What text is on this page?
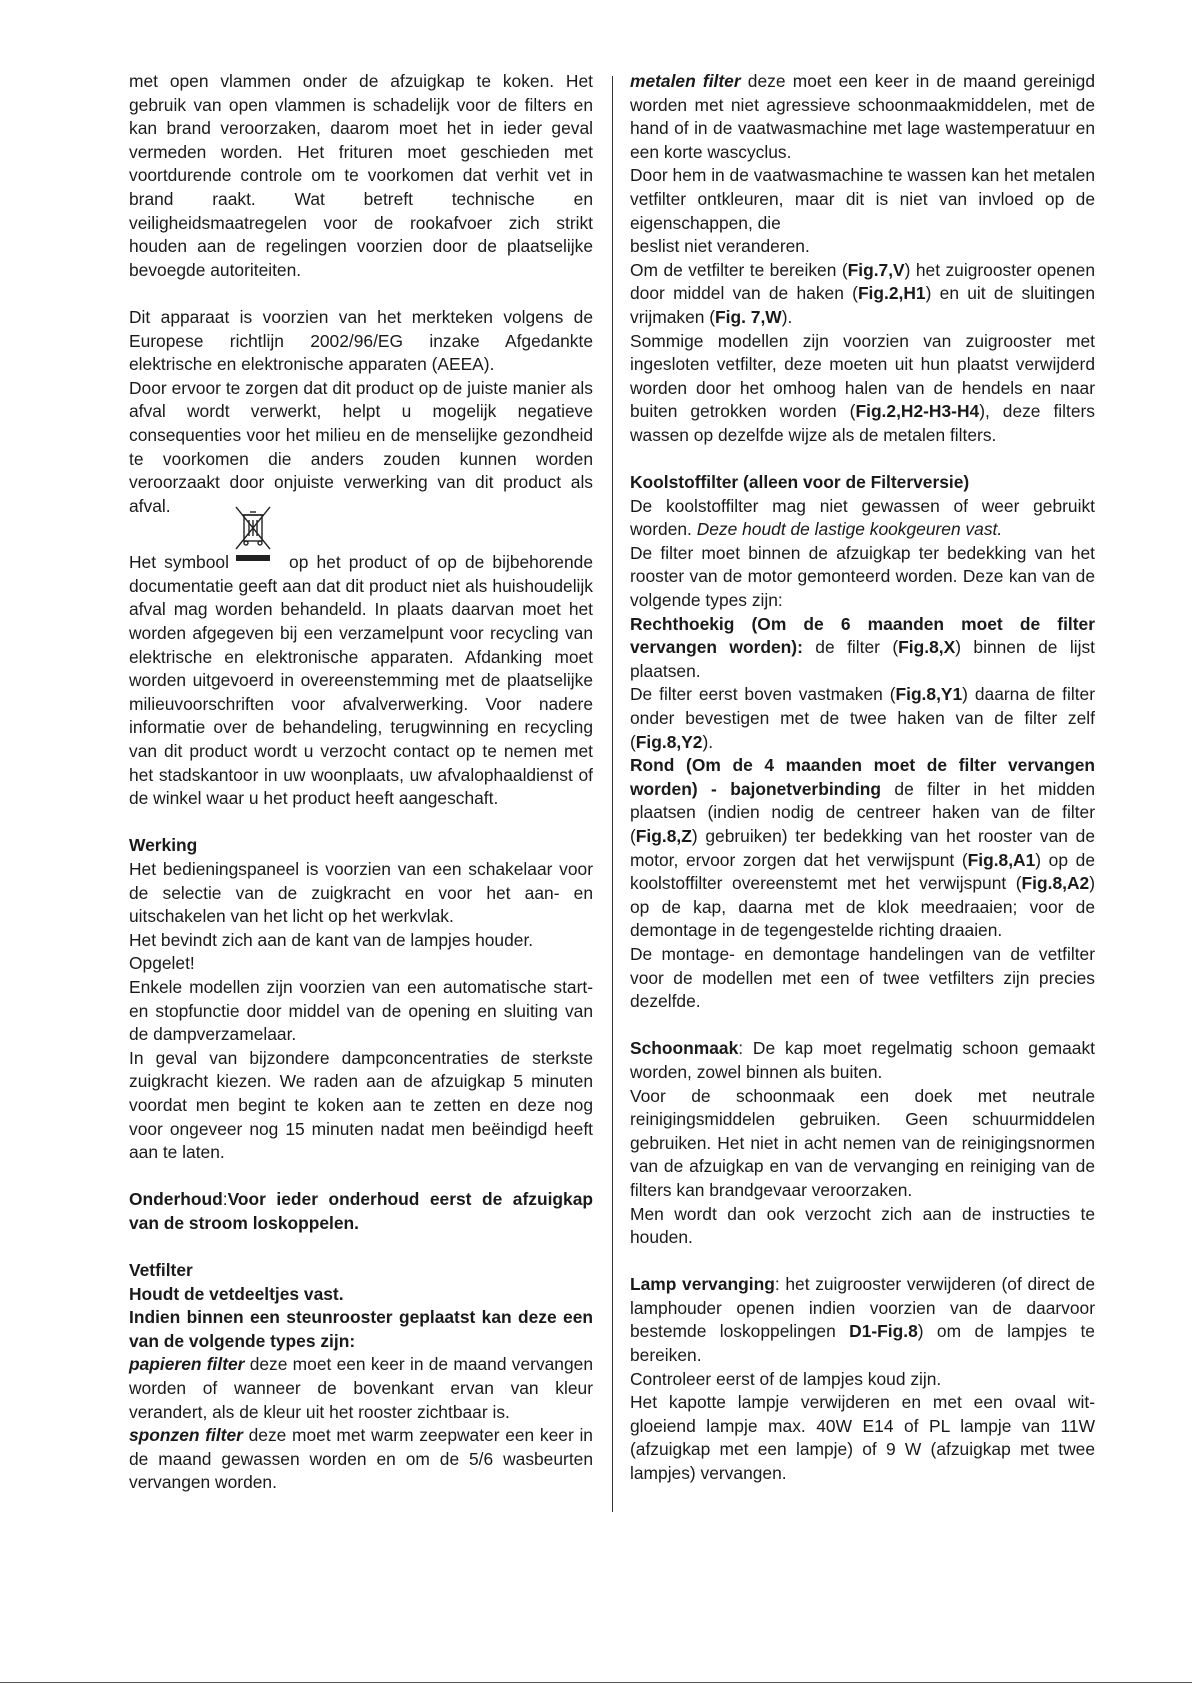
met open vlammen onder de afzuigkap te koken. Het gebruik van open vlammen is schadelijk voor de filters en kan brand veroorzaken, daarom moet het in ieder geval vermeden worden. Het frituren moet geschieden met voortdurende controle om te voorkomen dat verhit vet in brand raakt. Wat betreft technische en veiligheidsmaatregelen voor de rookafvoer zich strikt houden aan de regelingen voorzien door de plaatselijke bevoegde autoriteiten.

Dit apparaat is voorzien van het merkteken volgens de Europese richtlijn 2002/96/EG inzake Afgedankte elektrische en elektronische apparaten (AEEA).

Door ervoor te zorgen dat dit product op de juiste manier als afval wordt verwerkt, helpt u mogelijk negatieve consequenties voor het milieu en de menselijke gezondheid te voorkomen die anders zouden kunnen worden veroorzaakt door onjuiste verwerking van dit product als afval.

Het symbool	op het product of op de bijbehorende documentatie geeft aan dat dit product niet als huishoudelijk afval mag worden behandeld. In plaats daarvan moet het worden afgegeven bij een verzamelpunt voor recycling van elektrische en elektronische apparaten. Afdanking moet worden uitgevoerd in overeenstemming met de plaatselijke milieuvoorschriften voor afvalverwerking. Voor nadere informatie over de behandeling, terugwinning en recycling van dit product wordt u verzocht contact op te nemen met het stadskantoor in uw woonplaats, uw afvalophaaldienst of de winkel waar u het product heeft aangeschaft.

Werking

Het bedieningspaneel is voorzien van een schakelaar voor de selectie van de zuigkracht en voor het aan- en uitschakelen van het licht op het werkvlak.

Het bevindt zich aan de kant van de lampjes houder.

Opgelet!

Enkele modellen zijn voorzien van een automatische start- en stopfunctie door middel van de opening en sluiting van de dampverzamelaar.

In geval van bijzondere dampconcentraties de sterkste zuigkracht kiezen. We raden aan de afzuigkap 5 minuten voordat men begint te koken aan te zetten en deze nog voor ongeveer nog 15 minuten nadat men beëindigd heeft aan te laten.

Onderhoud:Voor ieder onderhoud eerst de afzuigkap van de stroom loskoppelen.

Vetfilter

Houdt de vetdeeltjes vast.

Indien binnen een steunrooster geplaatst kan deze een van de volgende types zijn:

papieren filter deze moet een keer in de maand vervangen worden of wanneer de bovenkant ervan van kleur verandert, als de kleur uit het rooster zichtbaar is.

sponzen filter deze moet met warm zeepwater een keer in de maand gewassen worden en om de 5/6 wasbeurten vervangen worden.

metalen filter deze moet een keer in de maand gereinigd worden met niet agressieve schoonmaakmiddelen, met de hand of in de vaatwasmachine met lage wastemperatuur en een korte wascyclus.

Door hem in de vaatwasmachine te wassen kan het metalen vetfilter ontkleuren, maar dit is niet van invloed op de eigenschappen, die

beslist niet veranderen.

Om de vetfilter te bereiken (Fig.7,V) het zuigrooster openen door middel van de haken (Fig.2,H1) en uit de sluitingen vrijmaken (Fig. 7,W).

Sommige modellen zijn voorzien van zuigrooster met ingesloten vetfilter, deze moeten uit hun plaatst verwijderd worden door het omhoog halen van de hendels en naar buiten getrokken worden (Fig.2,H2-H3-H4), deze filters wassen op dezelfde wijze als de metalen filters.

Koolstoffilter (alleen voor de Filterversie)

De koolstoffilter mag niet gewassen of weer gebruikt worden. Deze houdt de lastige kookgeuren vast.

De filter moet binnen de afzuigkap ter bedekking van het rooster van de motor gemonteerd worden. Deze kan van de volgende types zijn:

Rechthoekig (Om de 6 maanden moet de filter vervangen worden): de filter (Fig.8,X) binnen de lijst plaatsen.

De filter eerst boven vastmaken (Fig.8,Y1) daarna de filter onder bevestigen met de twee haken van de filter zelf (Fig.8,Y2).

Rond (Om de 4 maanden moet de filter vervangen worden) - bajonetverbinding de filter in het midden plaatsen (indien nodig de centreer haken van de filter (Fig.8,Z) gebruiken) ter bedekking van het rooster van de motor, ervoor zorgen dat het verwijspunt (Fig.8,A1) op de koolstoffilter overeenstemt met het verwijspunt (Fig.8,A2) op de kap, daarna met de klok meedraaien; voor de demontage in de tegengestelde richting draaien.

De montage- en demontage handelingen van de vetfilter voor de modellen met een of twee vetfilters zijn precies dezelfde.

Schoonmaak: De kap moet regelmatig schoon gemaakt worden, zowel binnen als buiten.

Voor de schoonmaak een doek met neutrale reinigingsmiddelen gebruiken. Geen schuurmiddelen gebruiken. Het niet in acht nemen van de reinigingsnormen van de afzuigkap en van de vervanging en reiniging van de filters kan brandgevaar veroorzaken.

Men wordt dan ook verzocht zich aan de instructies te houden.

Lamp vervanging: het zuigrooster verwijderen (of direct de lamphouder openen indien voorzien van de daarvoor bestemde loskoppelingen D1-Fig.8) om de lampjes te bereiken.

Controleer eerst of de lampjes koud zijn.

Het kapotte lampje verwijderen en met een ovaal wit-gloeiend lampje max. 40W E14 of PL lampje van 11W (afzuigkap met een lampje) of 9 W (afzuigkap met twee lampjes) vervangen.
